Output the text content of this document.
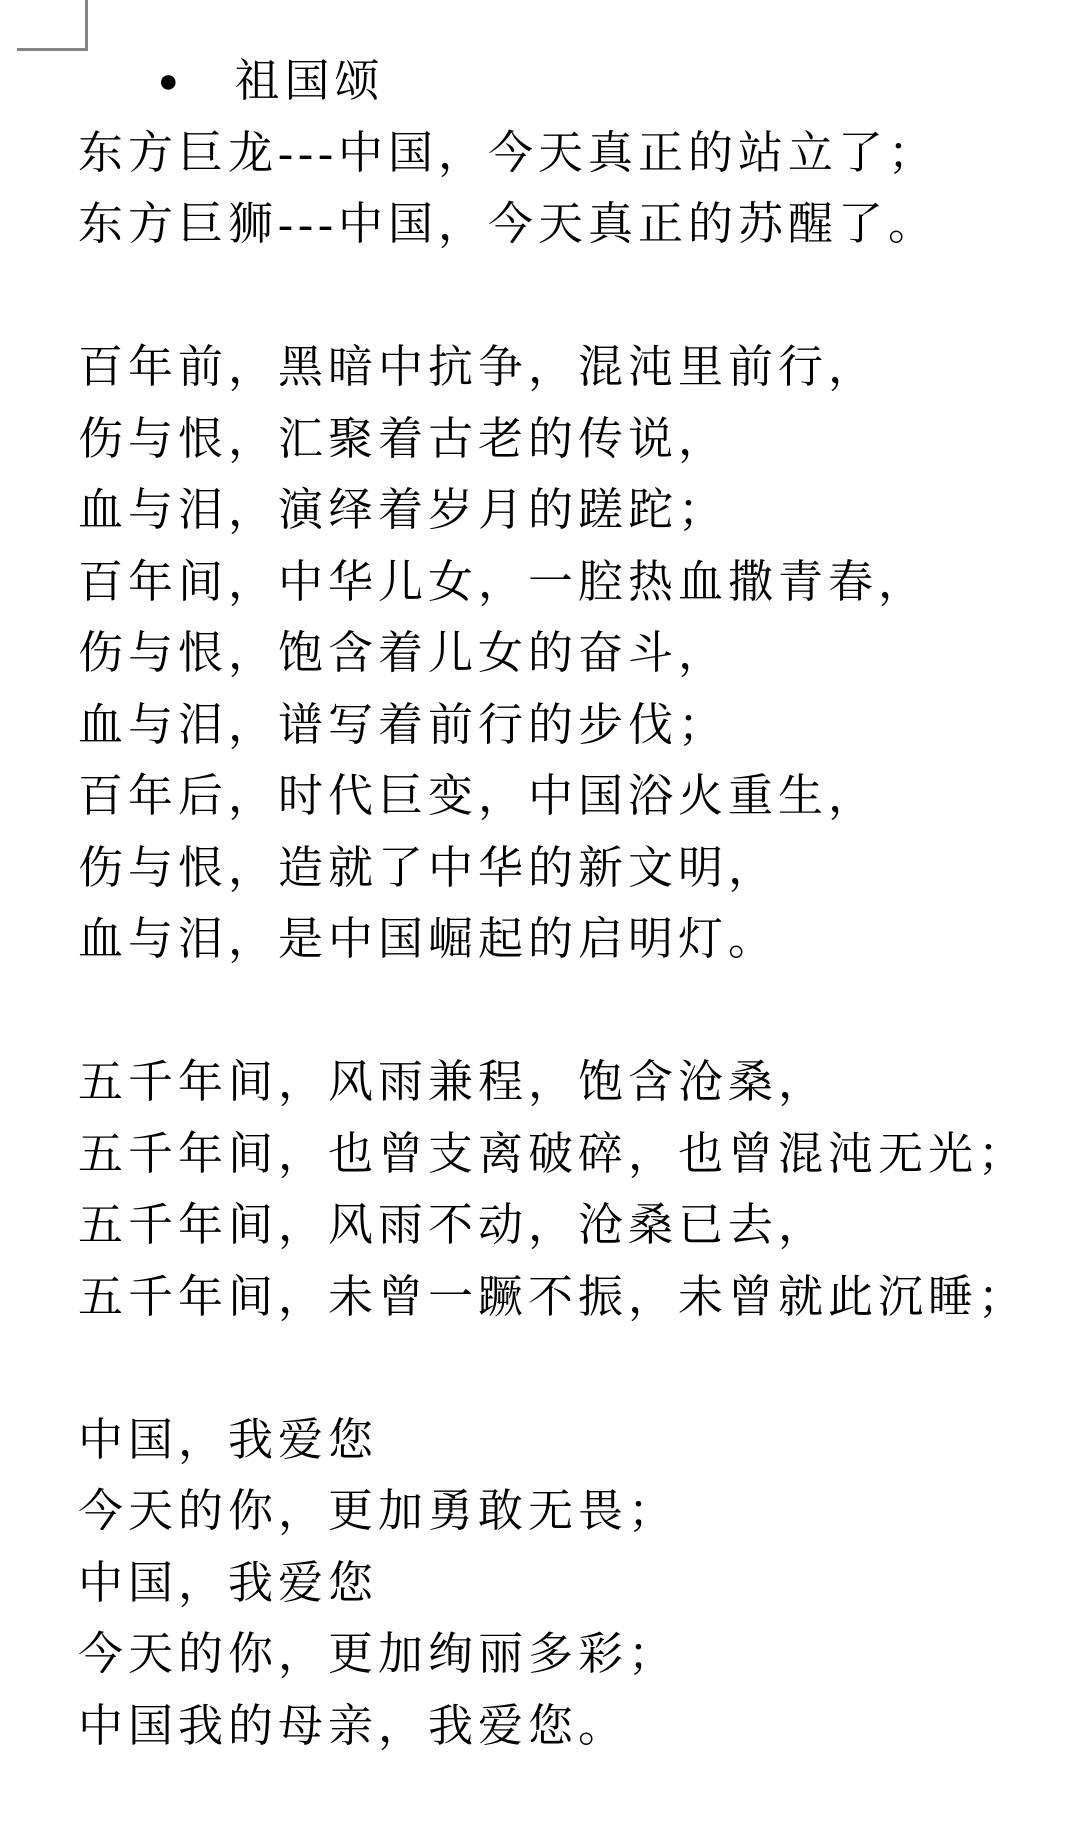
● 祖国颂
东方巨龙---中国，今天真正的站立了；
东方巨狮---中国，今天真正的苏醒了。
百年前，黑暗中抗争，混沌里前行，
伤与恨，汇聚着古老的传说，
血与泪，演绎着岁月的蹉跎；
百年间，中华儿女，一腔热血撒青春，
伤与恨，饱含着儿女的奋斗，
血与泪，谱写着前行的步伐；
百年后，时代巨变，中国浴火重生，
伤与恨，造就了中华的新文明，
血与泪，是中国崛起的启明灯。
五千年间，风雨兼程，饱含沧桑，
五千年间，也曾支离破碎，也曾混沌无光；
五千年间，风雨不动，沧桑已去，
五千年间，未曾一蹶不振，未曾就此沉睡；
中国，我爱您
今天的你，更加勇敢无畏；
中国，我爱您
今天的你，更加绚丽多彩；
中国我的母亲，我爱您。
